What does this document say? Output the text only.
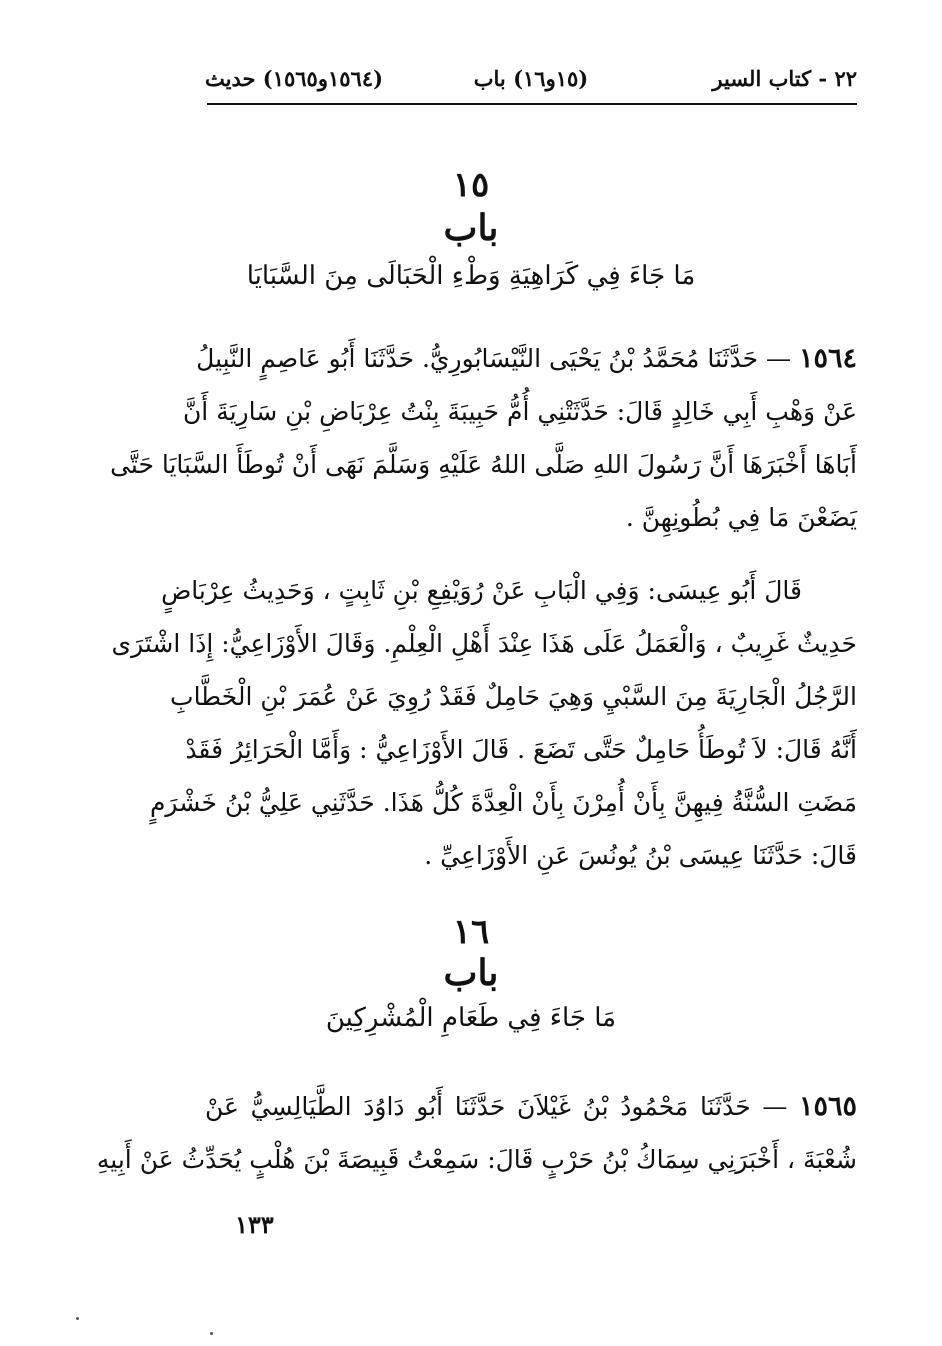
٢٢ - كتاب السير
(١٥و١٦) باب
(١٥٦٤و١٥٦٥) حديث
١٥
باب
مَا جَاءَ فِي كَرَاهِيَةِ وَطْءِ الْحَبَالَى مِنَ السَّبَايَا
١٥٦٤ — حَدَّثَنَا مُحَمَّدُ بْنُ يَحْيَى النَّيْسَابُورِيُّ. حَدَّثَنَا أَبُو عَاصِمٍ النَّبِيلُ
عَنْ وَهْبِ أَبِي خَالِدٍ قَالَ: حَدَّثَتْنِي أُمُّ حَبِيبَةَ بِنْتُ عِرْبَاضِ بْنِ سَارِيَةَ أَنَّ
أَبَاهَا أَخْبَرَهَا أَنَّ رَسُولَ اللهِ صَلَّى اللهُ عَلَيْهِ وَسَلَّمَ نَهَى أَنْ تُوطَأَ السَّبَايَا حَتَّى
يَضَعْنَ مَا فِي بُطُونِهِنَّ .
قَالَ أَبُو عِيسَى: وَفِي الْبَابِ عَنْ رُوَيْفِعِ بْنِ ثَابِتٍ ، وَحَدِيثُ عِرْبَاضٍ
حَدِيثٌ غَرِيبٌ ، وَالْعَمَلُ عَلَى هَذَا عِنْدَ أَهْلِ الْعِلْمِ. وَقَالَ الأَوْزَاعِيُّ: إِذَا اشْتَرَى
الرَّجُلُ الْجَارِيَةَ مِنَ السَّبْيِ وَهِيَ حَامِلٌ فَقَدْ رُوِيَ عَنْ عُمَرَ بْنِ الْخَطَّابِ
أَنَّهُ قَالَ: لاَ تُوطَأُ حَامِلٌ حَتَّى تَضَعَ . قَالَ الأَوْزَاعِيُّ : وَأَمَّا الْحَرَائِرُ فَقَدْ
مَضَتِ السُّنَّةُ فِيهِنَّ بِأَنْ أُمِرْنَ بِأَنْ الْعِدَّةَ كُلُّ هَذَا. حَدَّثَنِي عَلِيُّ بْنُ خَشْرَمٍ
قَالَ: حَدَّثَنَا عِيسَى بْنُ يُونُسَ عَنِ الأَوْزَاعِيِّ .
١٦
باب
مَا جَاءَ فِي طَعَامِ الْمُشْرِكِينَ
١٥٦٥ — حَدَّثَنَا مَحْمُودُ بْنُ غَيْلاَنَ حَدَّثَنَا أَبُو دَاوُدَ الطَّيَالِسِيُّ عَنْ
شُعْبَةَ ، أَخْبَرَنِي سِمَاكُ بْنُ حَرْبٍ قَالَ: سَمِعْتُ قَبِيصَةَ بْنَ هُلْبٍ يُحَدِّثُ عَنْ أَبِيهِ
١٣٣
